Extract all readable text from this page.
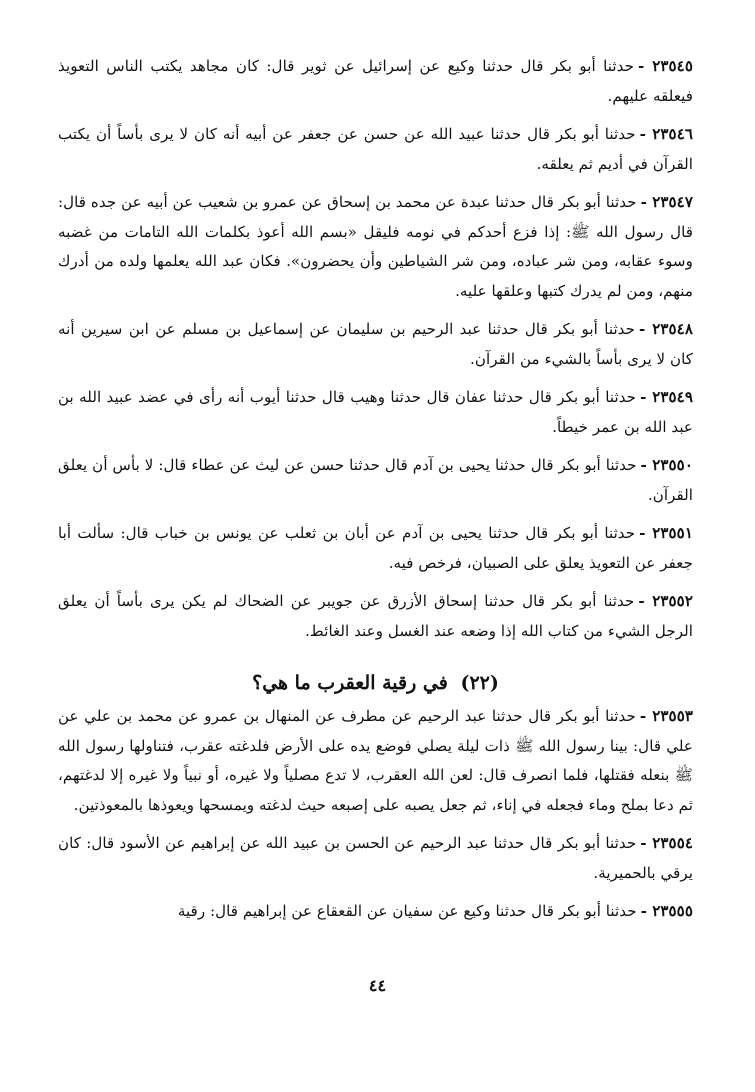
٢٣٥٤٥ -حدثنا أبو بكر قال حدثنا وكيع عن إسرائيل عن ثوير قال: كان مجاهد يكتب الناس التعويذ فيعلقه عليهم.

٢٣٥٤٦ -حدثنا أبو بكر قال حدثنا عبيد الله عن حسن عن جعفر عن أبيه أنه كان لا يرى بأساً أن يكتب القرآن في أديم ثم يعلقه.

٢٣٥٤٧ -حدثنا أبو بكر قال حدثنا عبدة عن محمد بن إسحاق عن عمرو بن شعيب عن أبيه عن جده قال: قال رسول الله ﷺ: إذا فزع أحدكم في نومه فليقل «بسم الله أعوذ بكلمات الله التامات من غضبه وسوء عقابه، ومن شر عباده، ومن شر الشياطين وأن يحضرون». فكان عبد الله يعلمها ولده من أدرك منهم، ومن لم يدرك كتبها وعلقها عليه.

٢٣٥٤٨ -حدثنا أبو بكر قال حدثنا عبد الرحيم بن سليمان عن إسماعيل بن مسلم عن ابن سيرين أنه كان لا يرى بأساً بالشيء من القرآن.

٢٣٥٤٩ -حدثنا أبو بكر قال حدثنا عفان قال حدثنا وهيب قال حدثنا أيوب أنه رأى في عضد عبيد الله بن عبد الله بن عمر خيطاً.

٢٣٥٥٠ -حدثنا أبو بكر قال حدثنا يحيى بن آدم قال حدثنا حسن عن ليث عن عطاء قال: لا بأس أن يعلق القرآن.

٢٣٥٥١ -حدثنا أبو بكر قال حدثنا يحيى بن آدم عن أبان بن ثعلب عن يونس بن خباب قال: سألت أبا جعفر عن التعويذ يعلق على الصبيان، فرخص فيه.

٢٣٥٥٢ -حدثنا أبو بكر قال حدثنا إسحاق الأزرق عن جويبر عن الضحاك لم يكن يرى بأساً أن يعلق الرجل الشيء من كتاب الله إذا وضعه عند الغسل وعند الغائط.

(٢٢) في رقية العقرب ما هي؟

٢٣٥٥٣ -حدثنا أبو بكر قال حدثنا عبد الرحيم عن مطرف عن المنهال بن عمرو عن محمد بن علي عن علي قال: بينا رسول الله ﷺ ذات ليلة يصلي فوضع يده على الأرض فلدغته عقرب، فتناولها رسول الله ﷺ بنعله فقتلها، فلما انصرف قال: لعن الله العقرب، لا تدع مصلياً ولا غيره، أو نبياً ولا غيره إلا لدغتهم، ثم دعا بملح وماء فجعله في إناء، ثم جعل يصبه على إصبعه حيث لدغته ويمسحها ويعوذها بالمعوذتين.

٢٣٥٥٤ -حدثنا أبو بكر قال حدثنا عبد الرحيم عن الحسن بن عبيد الله عن إبراهيم عن الأسود قال: كان يرقي بالحميرية.

٢٣٥٥٥ -حدثنا أبو بكر قال حدثنا وكيع عن سفيان عن القعقاع عن إبراهيم قال: رقية

٤٤
